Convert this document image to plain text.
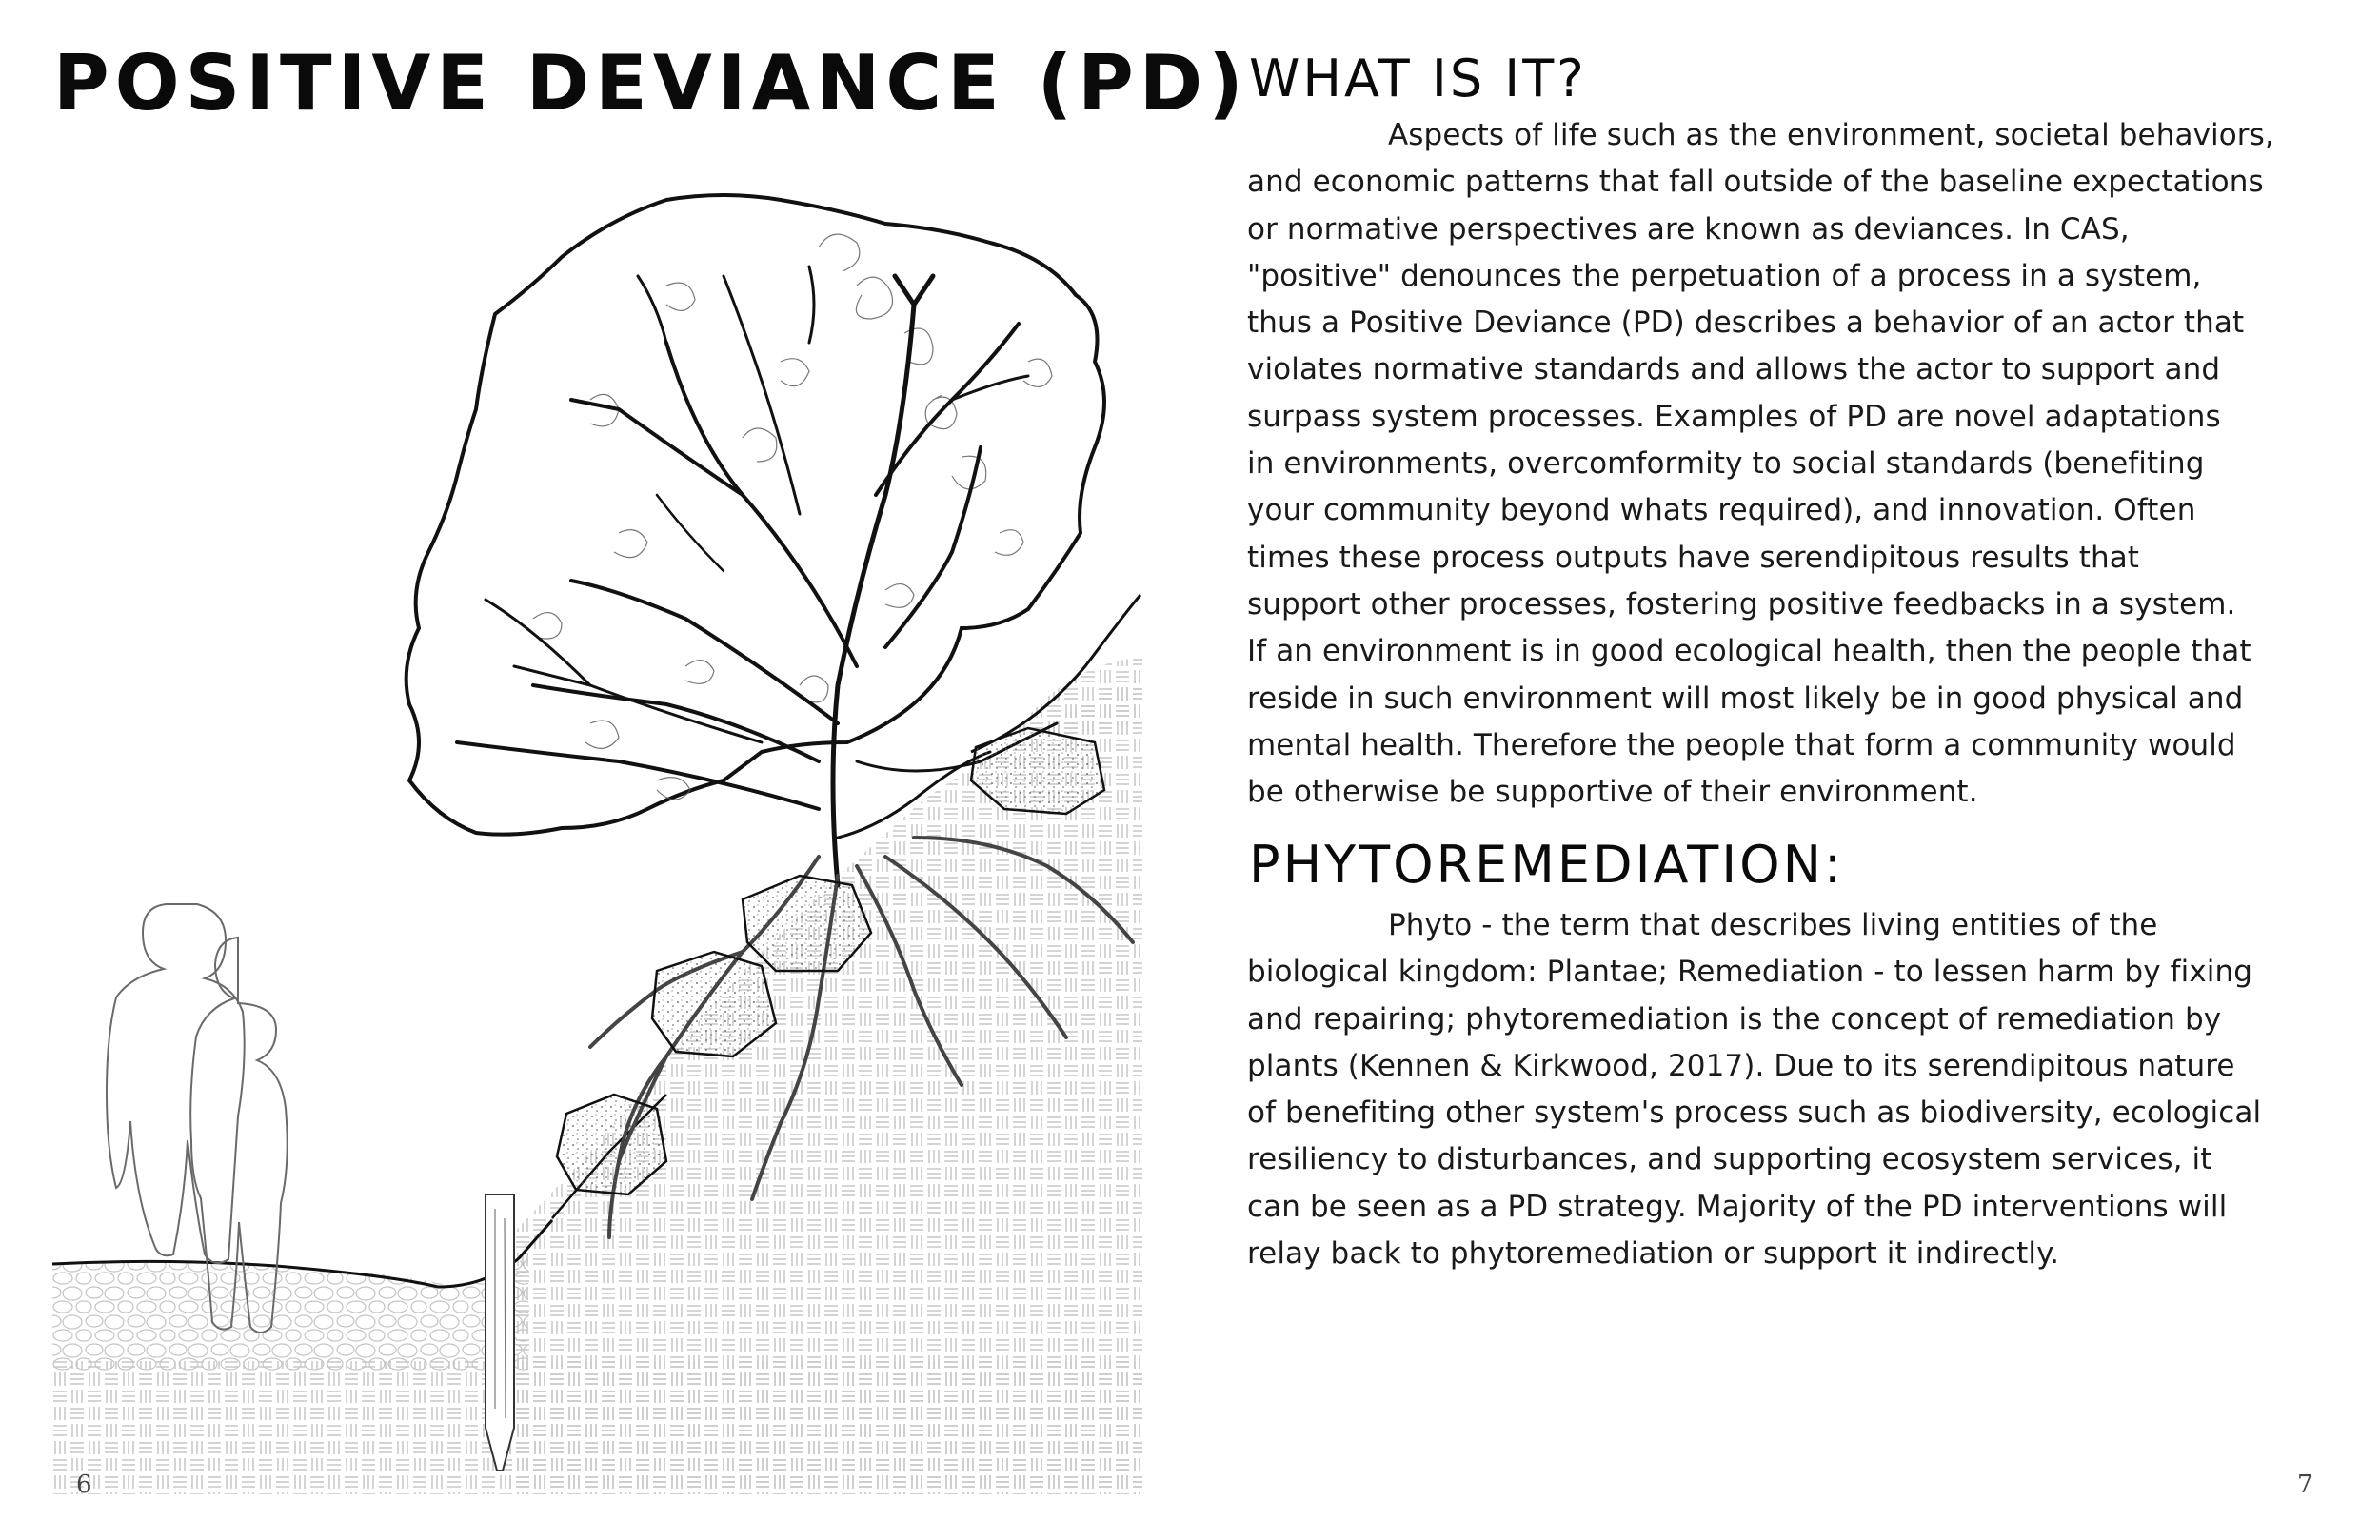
POSITIVE DEVIANCE (PD)
6
WHAT IS IT?

Aspects of life such as the environment, societal behaviors,
and economic patterns that fall outside of the baseline expectations
or normative perspectives are known as deviances. In CAS,
"positive" denounces the perpetuation of a process in a system,
thus a Positive Deviance (PD) describes a behavior of an actor that
violates normative standards and allows the actor to support and
surpass system processes. Examples of PD are novel adaptations
in environments, overcomformity to social standards (benefiting
your community beyond whats required), and innovation. Often
times these process outputs have serendipitous results that
support other processes, fostering positive feedbacks in a system.
If an environment is in good ecological health, then the people that
reside in such environment will most likely be in good physical and
mental health. Therefore the people that form a community would
be otherwise be supportive of their environment.

PHYTOREMEDIATION:

Phyto - the term that describes living entities of the
biological kingdom: Plantae; Remediation - to lessen harm by fixing
and repairing; phytoremediation is the concept of remediation by
plants (Kennen & Kirkwood, 2017). Due to its serendipitous nature
of benefiting other system's process such as biodiversity, ecological
resiliency to disturbances, and supporting ecosystem services, it
can be seen as a PD strategy. Majority of the PD interventions will
relay back to phytoremediation or support it indirectly.

7
